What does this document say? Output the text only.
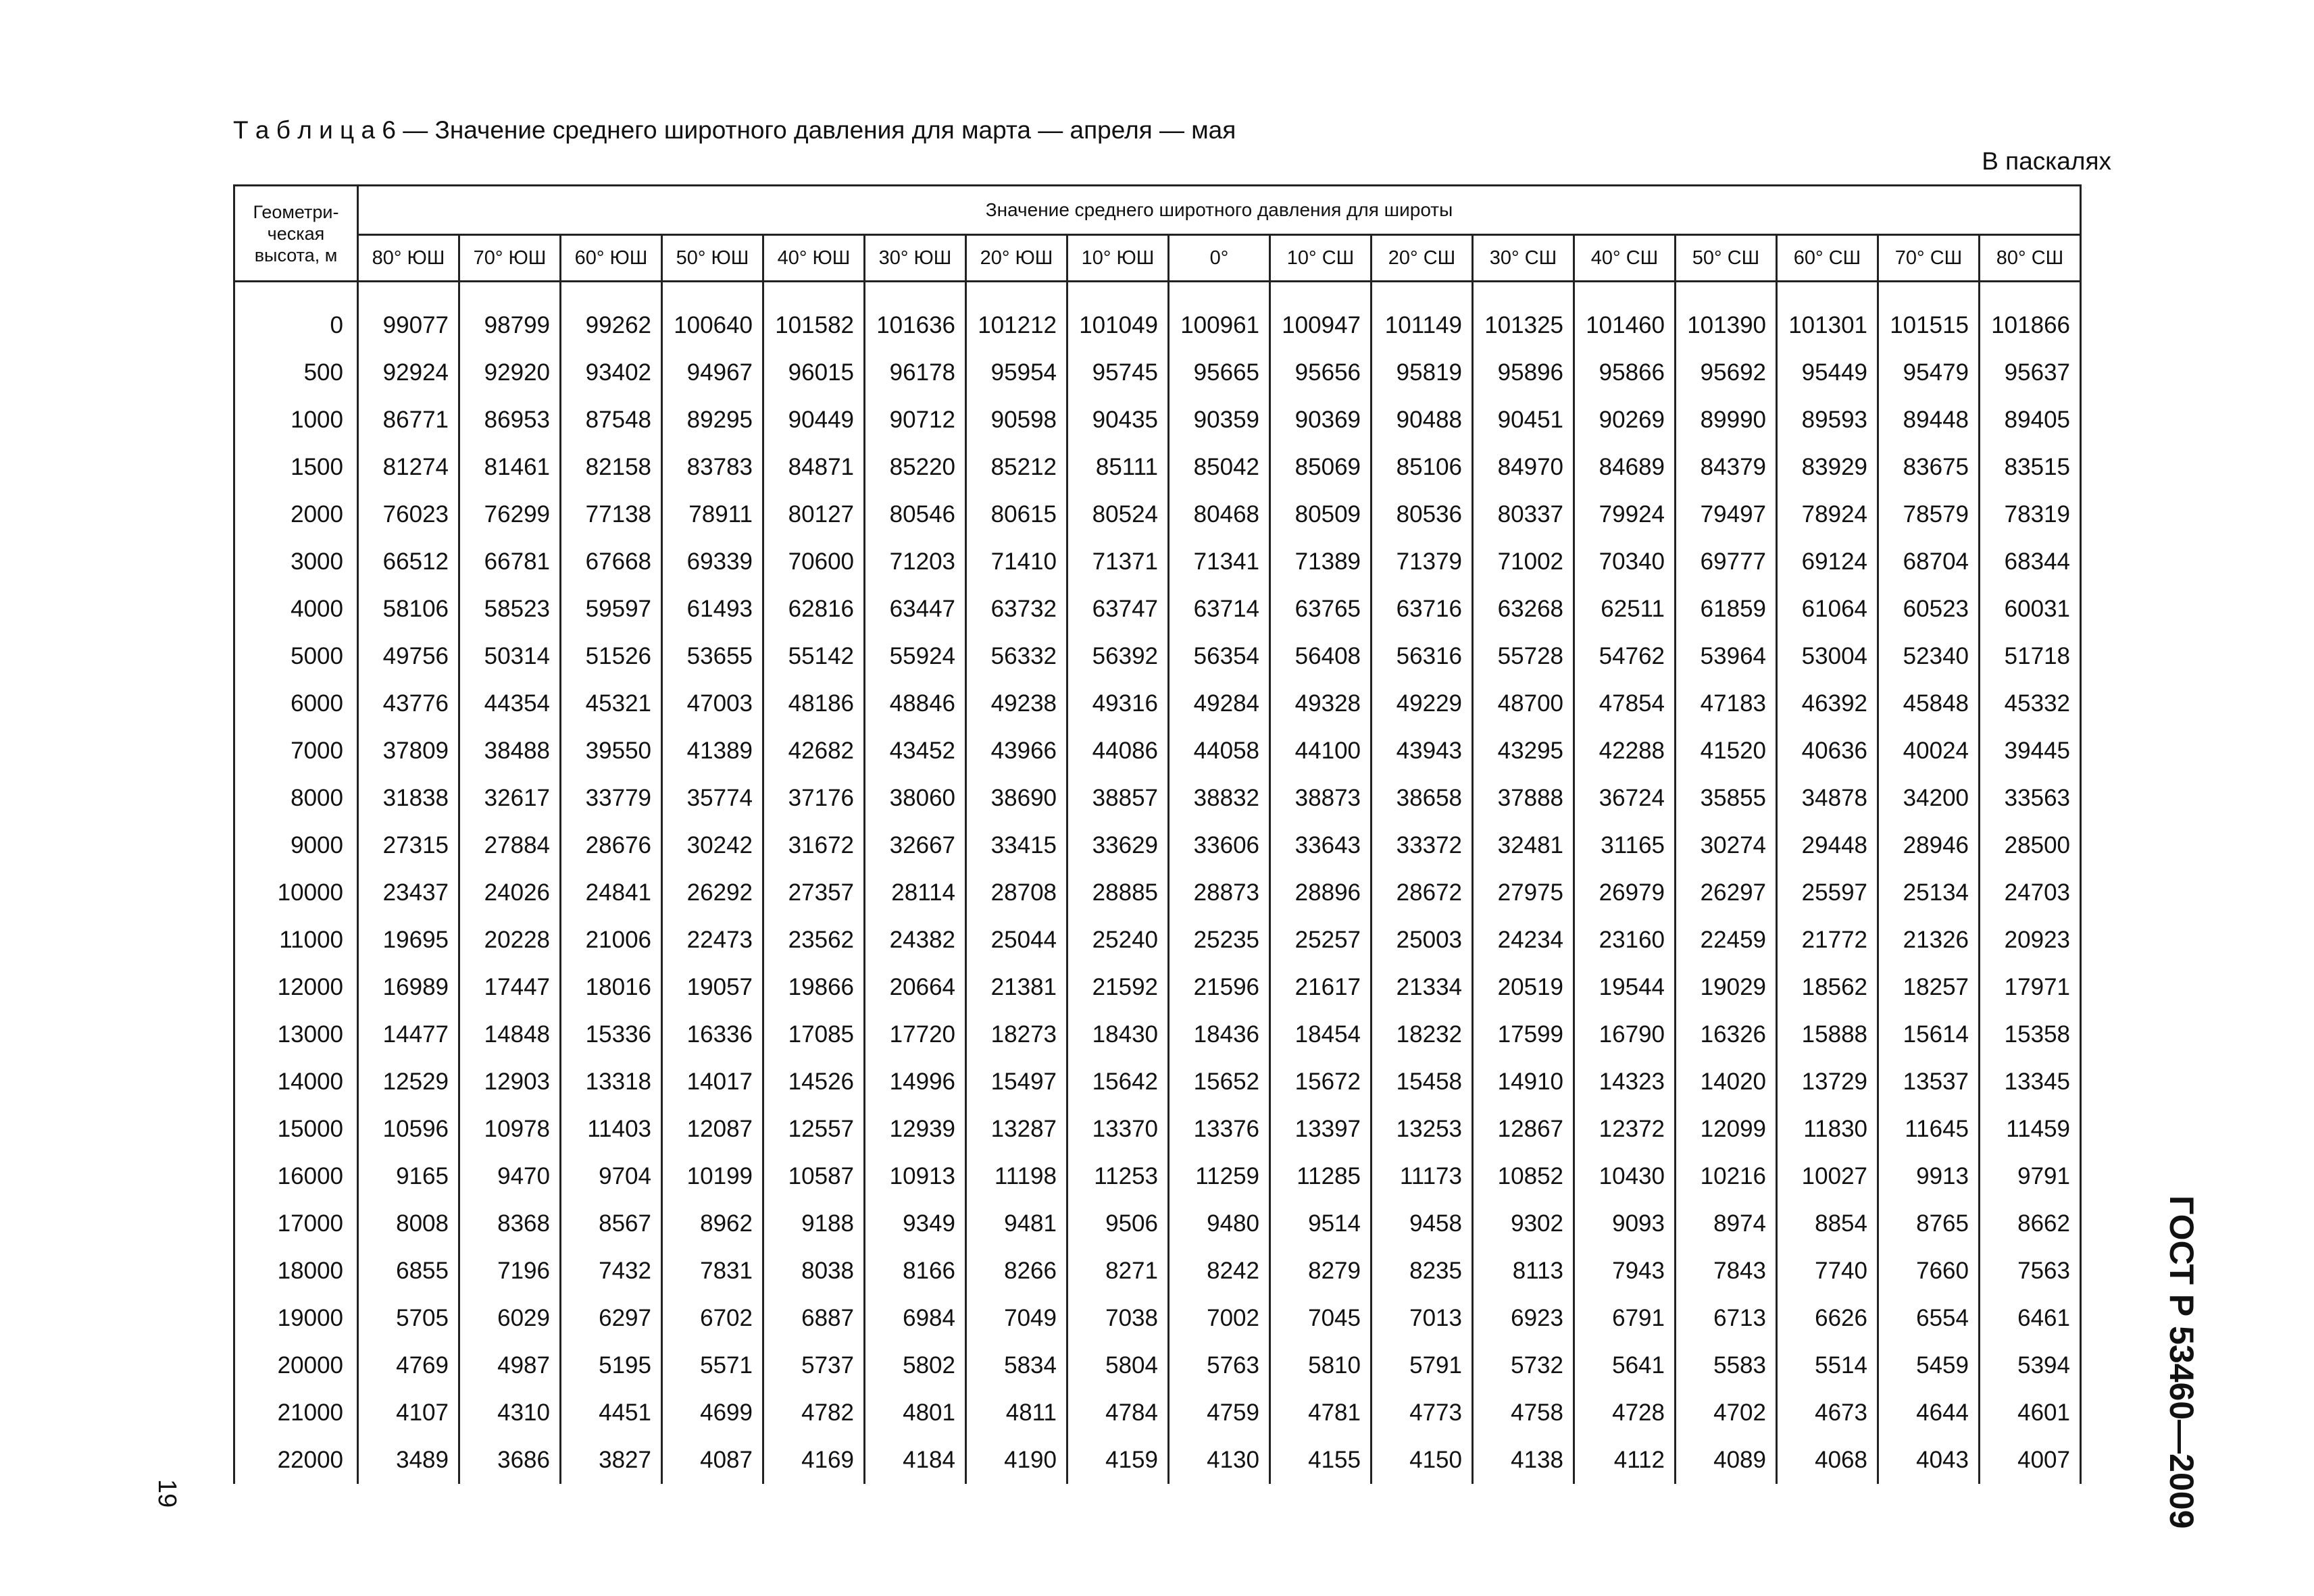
Т а б л и ц а 6 — Значение среднего широтного давления для марта — апреля — мая
В паскалях
Геометри-
ческая
высота, м	Значение среднего широтного давления для широты																
	80° ЮШ	70° ЮШ	60° ЮШ	50° ЮШ	40° ЮШ	30° ЮШ	20° ЮШ	10° ЮШ	0°	10° СШ	20° СШ	30° СШ	40° СШ	50° СШ	60° СШ	70° СШ	80° СШ
0	99077	98799	99262	100640	101582	101636	101212	101049	100961	100947	101149	101325	101460	101390	101301	101515	101866
500	92924	92920	93402	94967	96015	96178	95954	95745	95665	95656	95819	95896	95866	95692	95449	95479	95637
1000	86771	86953	87548	89295	90449	90712	90598	90435	90359	90369	90488	90451	90269	89990	89593	89448	89405
1500	81274	81461	82158	83783	84871	85220	85212	85111	85042	85069	85106	84970	84689	84379	83929	83675	83515
2000	76023	76299	77138	78911	80127	80546	80615	80524	80468	80509	80536	80337	79924	79497	78924	78579	78319
3000	66512	66781	67668	69339	70600	71203	71410	71371	71341	71389	71379	71002	70340	69777	69124	68704	68344
4000	58106	58523	59597	61493	62816	63447	63732	63747	63714	63765	63716	63268	62511	61859	61064	60523	60031
5000	49756	50314	51526	53655	55142	55924	56332	56392	56354	56408	56316	55728	54762	53964	53004	52340	51718
6000	43776	44354	45321	47003	48186	48846	49238	49316	49284	49328	49229	48700	47854	47183	46392	45848	45332
7000	37809	38488	39550	41389	42682	43452	43966	44086	44058	44100	43943	43295	42288	41520	40636	40024	39445
8000	31838	32617	33779	35774	37176	38060	38690	38857	38832	38873	38658	37888	36724	35855	34878	34200	33563
9000	27315	27884	28676	30242	31672	32667	33415	33629	33606	33643	33372	32481	31165	30274	29448	28946	28500
10000	23437	24026	24841	26292	27357	28114	28708	28885	28873	28896	28672	27975	26979	26297	25597	25134	24703
11000	19695	20228	21006	22473	23562	24382	25044	25240	25235	25257	25003	24234	23160	22459	21772	21326	20923
12000	16989	17447	18016	19057	19866	20664	21381	21592	21596	21617	21334	20519	19544	19029	18562	18257	17971
13000	14477	14848	15336	16336	17085	17720	18273	18430	18436	18454	18232	17599	16790	16326	15888	15614	15358
14000	12529	12903	13318	14017	14526	14996	15497	15642	15652	15672	15458	14910	14323	14020	13729	13537	13345
15000	10596	10978	11403	12087	12557	12939	13287	13370	13376	13397	13253	12867	12372	12099	11830	11645	11459
16000	9165	9470	9704	10199	10587	10913	11198	11253	11259	11285	11173	10852	10430	10216	10027	9913	9791
17000	8008	8368	8567	8962	9188	9349	9481	9506	9480	9514	9458	9302	9093	8974	8854	8765	8662
18000	6855	7196	7432	7831	8038	8166	8266	8271	8242	8279	8235	8113	7943	7843	7740	7660	7563
19000	5705	6029	6297	6702	6887	6984	7049	7038	7002	7045	7013	6923	6791	6713	6626	6554	6461
20000	4769	4987	5195	5571	5737	5802	5834	5804	5763	5810	5791	5732	5641	5583	5514	5459	5394
21000	4107	4310	4451	4699	4782	4801	4811	4784	4759	4781	4773	4758	4728	4702	4673	4644	4601
22000	3489	3686	3827	4087	4169	4184	4190	4159	4130	4155	4150	4138	4112	4089	4068	4043	4007
19	ГОСТ Р 53460—2009
